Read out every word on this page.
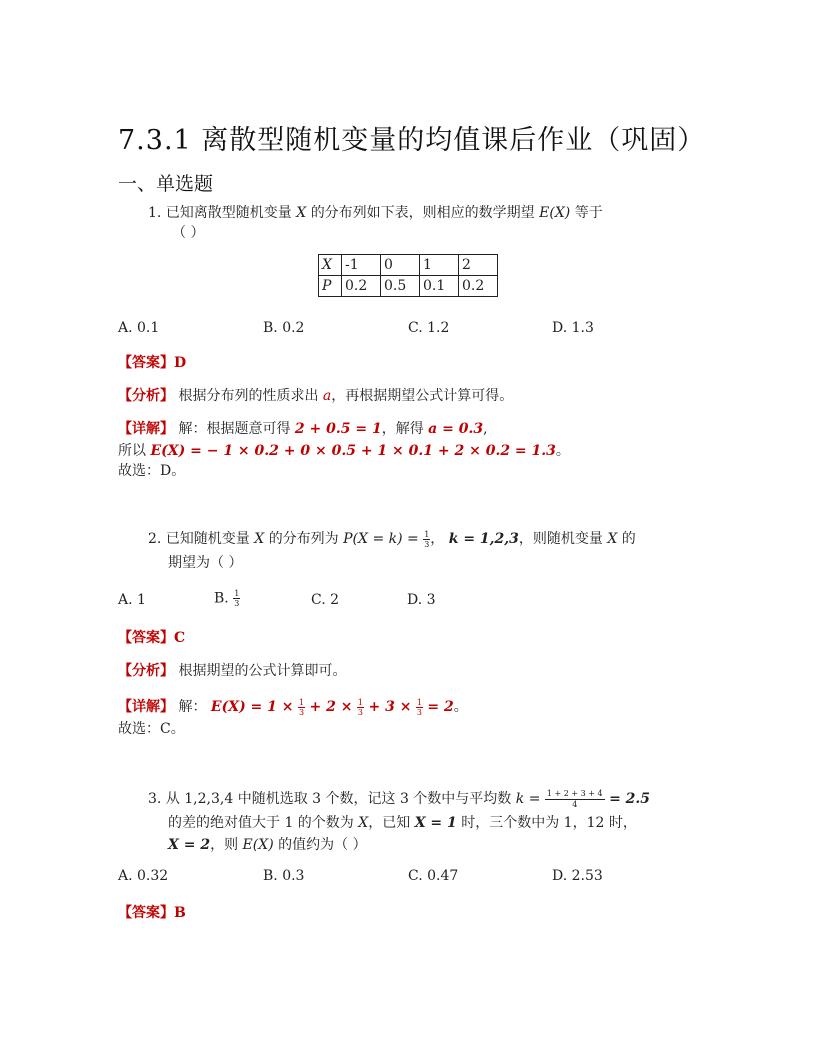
7.3.1 离散型随机变量的均值课后作业（巩固）
一、单选题
1. 已知离散型随机变量 X 的分布列如下表，则相应的数学期望 E(X) 等于
（ ）
X	-1	0	1	2
P	0.2	0.5	0.1	0.2
A. 0.1	B. 0.2	C. 1.2	D. 1.3
【答案】D
【分析】 根据分布列的性质求出 a，再根据期望公式计算可得。
【详解】 解：根据题意可得 2 + 0.5 = 1，解得 a = 0.3,
所以 E(X) = − 1 × 0.2 + 0 × 0.5 + 1 × 0.1 + 2 × 0.2 = 1.3。
故选：D。
2. 已知随机变量 X 的分布列为 $P(X = k) = \frac{1}{3}$ ， k = 1,2,3，则随机变量 X 的
期望为（ ）
A. 1	B. $\frac{1}{3}$	C. 2	D. 3
【答案】C
【分析】 根据期望的公式计算即可。
【详解】 解： $E(X) = 1 \times \frac{1}{3} + 2 \times \frac{1}{3} + 3 \times \frac{1}{3} = 2$。
故选：C。
3. 从 1,2,3,4 中随机选取 3 个数，记这 3 个数中与平均数 $k = \frac{1 + 2 + 3 + 4}{4} = 2.5$
的差的绝对值大于 1 的个数为 X，已知 X = 1 时，三个数中为 1，12 时，
X = 2，则 E(X) 的值约为（ ）
A. 0.32	B. 0.3	C. 0.47	D. 2.53
【答案】B
